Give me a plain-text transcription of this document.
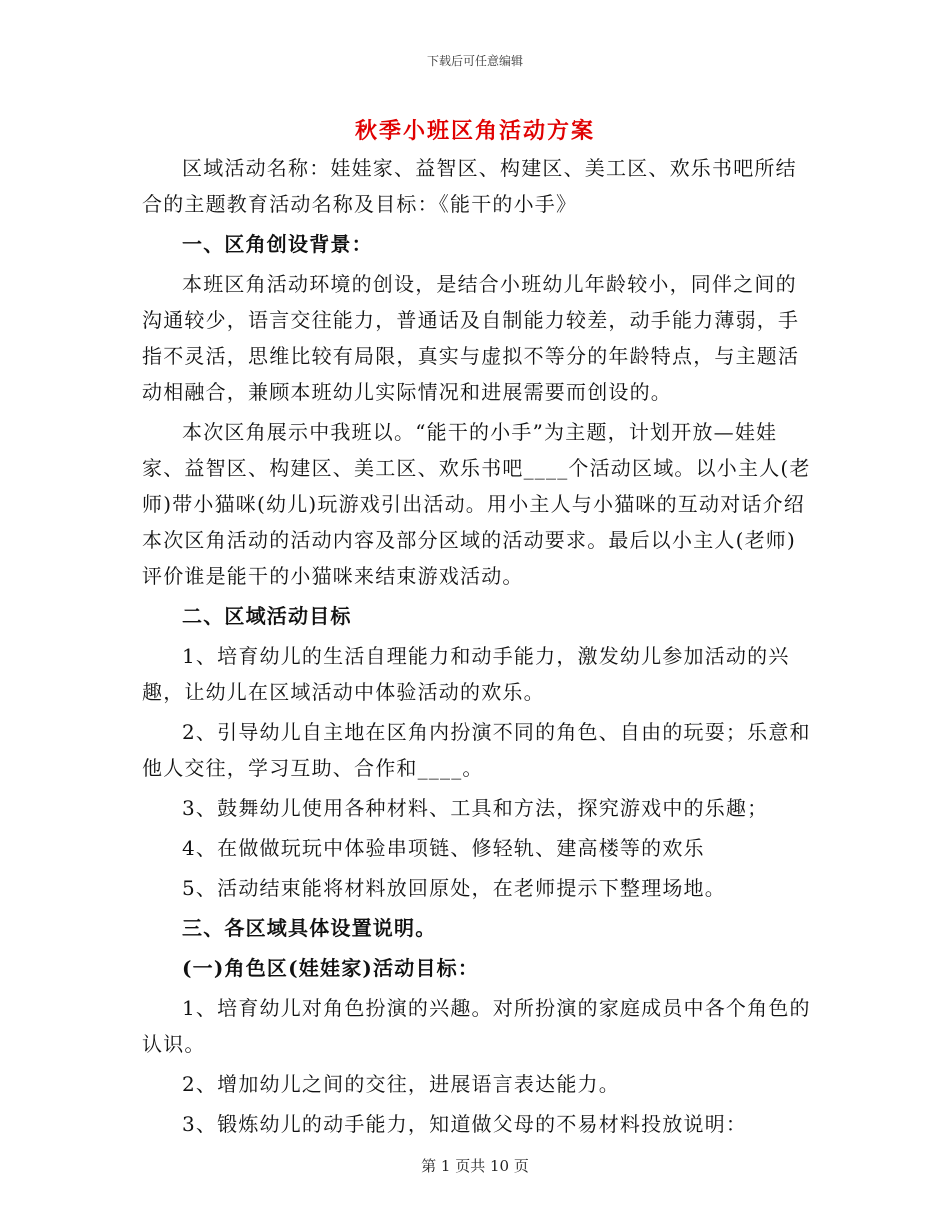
下载后可任意编辑
秋季小班区角活动方案

区域活动名称：娃娃家、益智区、构建区、美工区、欢乐书吧所结合的主题教育活动名称及目标：《能干的小手》

一、区角创设背景：

本班区角活动环境的创设，是结合小班幼儿年龄较小，同伴之间的沟通较少，语言交往能力，普通话及自制能力较差，动手能力薄弱，手指不灵活，思维比较有局限，真实与虚拟不等分的年龄特点，与主题活动相融合，兼顾本班幼儿实际情况和进展需要而创设的。

本次区角展示中我班以。“能干的小手”为主题，计划开放—娃娃家、益智区、构建区、美工区、欢乐书吧____个活动区域。以小主人(老师)带小猫咪(幼儿)玩游戏引出活动。用小主人与小猫咪的互动对话介绍本次区角活动的活动内容及部分区域的活动要求。最后以小主人(老师)评价谁是能干的小猫咪来结束游戏活动。

二、区域活动目标

1、培育幼儿的生活自理能力和动手能力，激发幼儿参加活动的兴趣，让幼儿在区域活动中体验活动的欢乐。

2、引导幼儿自主地在区角内扮演不同的角色、自由的玩耍；乐意和他人交往，学习互助、合作和____。

3、鼓舞幼儿使用各种材料、工具和方法，探究游戏中的乐趣；

4、在做做玩玩中体验串项链、修轻轨、建高楼等的欢乐

5、活动结束能将材料放回原处，在老师提示下整理场地。

三、各区域具体设置说明。

(一)角色区(娃娃家)活动目标：

1、培育幼儿对角色扮演的兴趣。对所扮演的家庭成员中各个角色的认识。

2、增加幼儿之间的交往，进展语言表达能力。

3、锻炼幼儿的动手能力，知道做父母的不易材料投放说明：

第 1 页共 10 页
